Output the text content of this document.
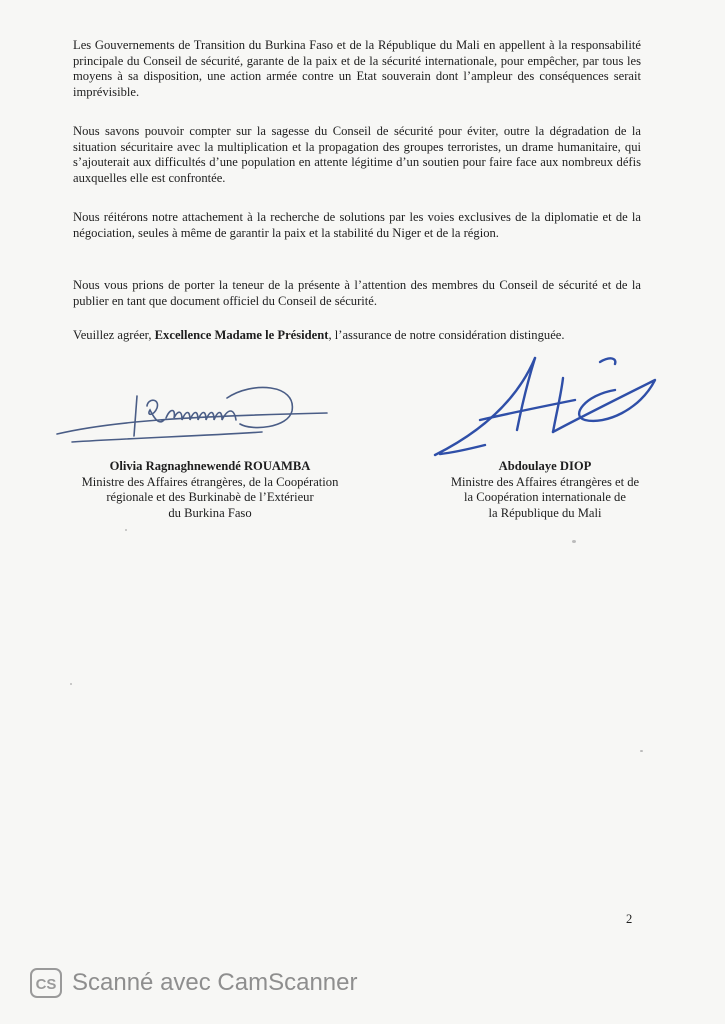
Les Gouvernements de Transition du Burkina Faso et de la République du Mali en appellent à la responsabilité principale du Conseil de sécurité, garante de la paix et de la sécurité internationale, pour empêcher, par tous les moyens à sa disposition, une action armée contre un Etat souverain dont l’ampleur des conséquences serait imprévisible.

Nous savons pouvoir compter sur la sagesse du Conseil de sécurité pour éviter, outre la dégradation de la situation sécuritaire avec la multiplication et la propagation des groupes terroristes, un drame humanitaire, qui s’ajouterait aux difficultés d’une population en attente légitime d’un soutien pour faire face aux nombreux défis auxquelles elle est confrontée.

Nous réitérons notre attachement à la recherche de solutions par les voies exclusives de la diplomatie et de la négociation, seules à même de garantir la paix et la stabilité du Niger et de la région.

Nous vous prions de porter la teneur de la présente à l’attention des membres du Conseil de sécurité et de la publier en tant que document officiel du Conseil de sécurité.

Veuillez agréer, Excellence Madame le Président, l’assurance de notre considération distinguée.

Olivia Ragnaghnewendé ROUAMBA
Ministre des Affaires étrangères, de la Coopération
régionale et des Burkinabè de l’Extérieur
du Burkina Faso
Abdoulaye DIOP
Ministre des Affaires étrangères et de
la Coopération internationale de
la République du Mali
2
CS Scanné avec CamScanner
